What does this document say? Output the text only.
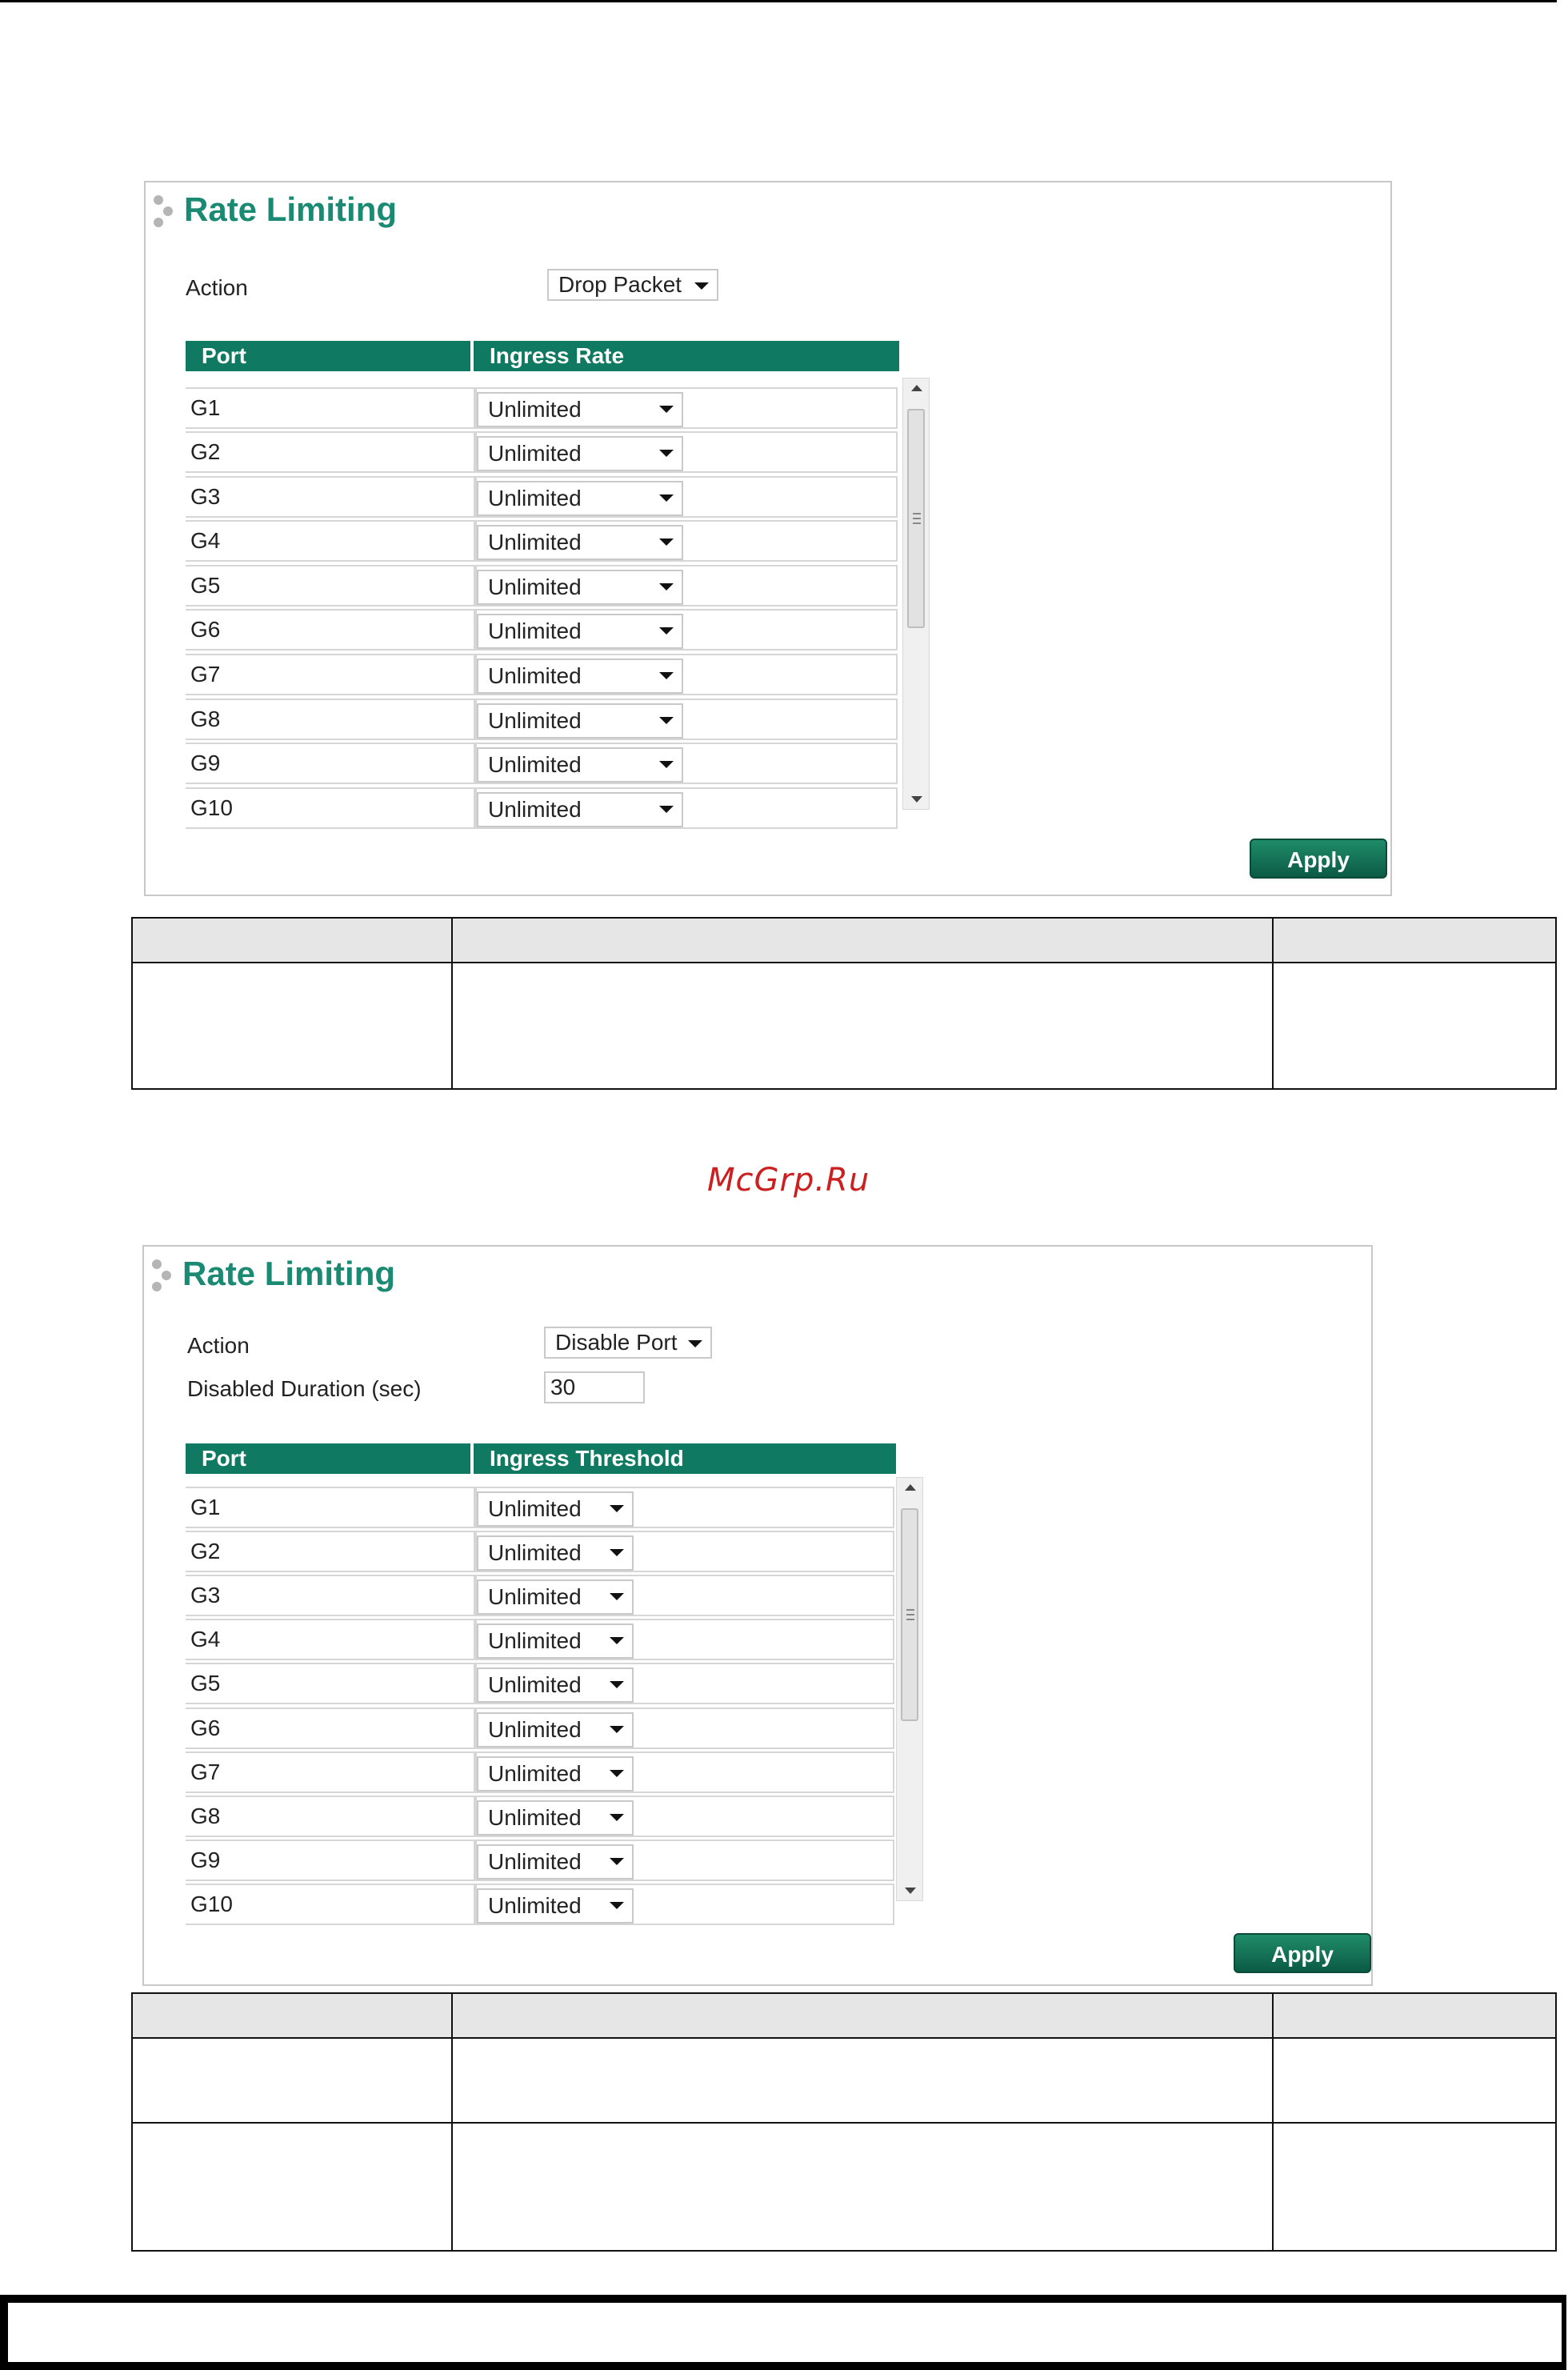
Rate Limiting
Action	Drop Packet
Port	Ingress Rate
G1	Unlimited
G2	Unlimited
G3	Unlimited
G4	Unlimited
G5	Unlimited
G6	Unlimited
G7	Unlimited
G8	Unlimited
G9	Unlimited
G10	Unlimited
Apply

McGrp.Ru
Rate Limiting
Action	Disable Port
Disabled Duration (sec)	30
Port	Ingress Threshold
G1	Unlimited
G2	Unlimited
G3	Unlimited
G4	Unlimited
G5	Unlimited
G6	Unlimited
G7	Unlimited
G8	Unlimited
G9	Unlimited
G10	Unlimited
Apply
